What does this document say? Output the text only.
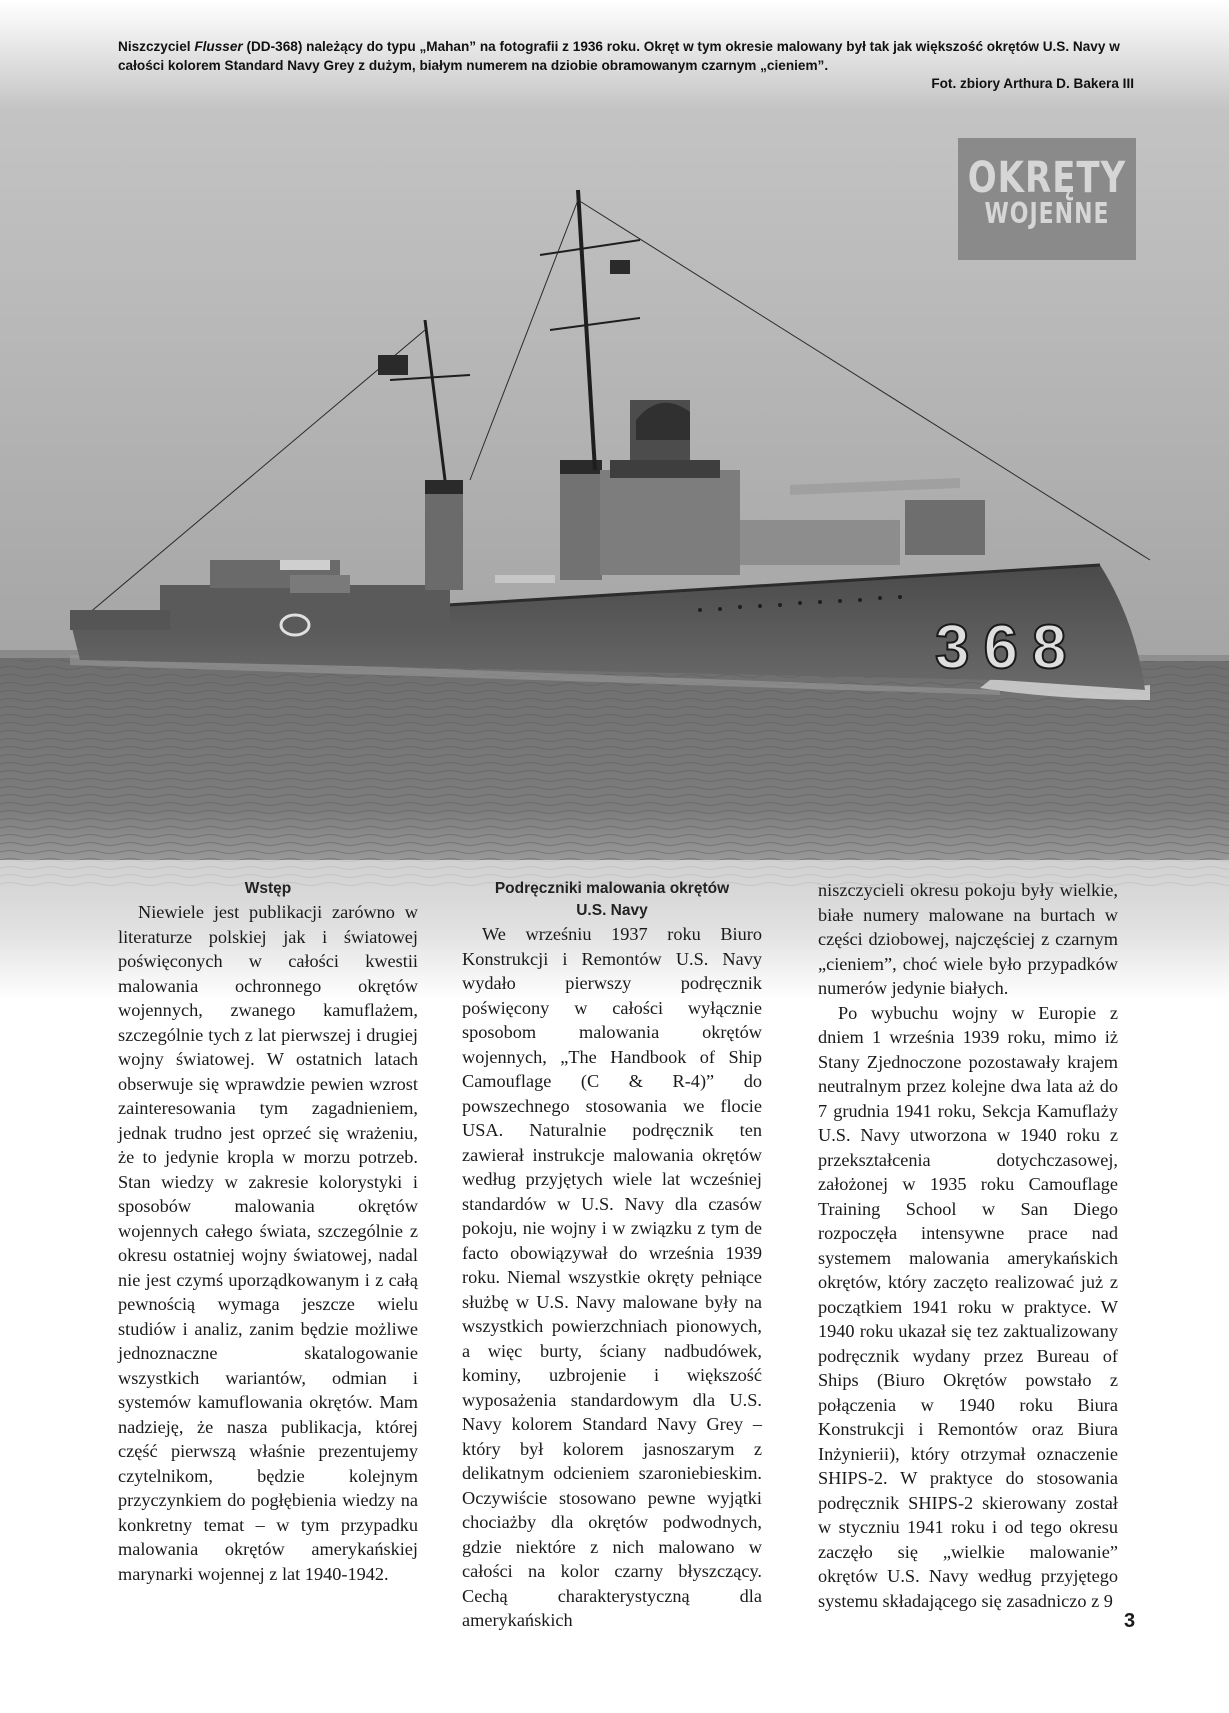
368
Niszczyciel Flusser (DD-368) należący do typu „Mahan” na fotografii z 1936 roku. Okręt w tym okresie malowany był tak jak większość okrętów U.S. Navy w całości kolorem Standard Navy Grey z dużym, białym numerem na dziobie obramowanym czarnym „cieniem”.
Fot. zbiory Arthura D. Bakera III
OKRĘTY
WOJENNE
Wstęp

Niewiele jest publikacji zarówno w literaturze polskiej jak i światowej poświęconych w całości kwestii malowania ochronnego okrętów wojennych, zwanego kamuflażem, szczególnie tych z lat pierwszej i drugiej wojny światowej. W ostatnich latach obserwuje się wprawdzie pewien wzrost zainteresowania tym zagadnieniem, jednak trudno jest oprzeć się wrażeniu, że to jedynie kropla w morzu potrzeb. Stan wiedzy w zakresie kolorystyki i sposobów malowania okrętów wojennych całego świata, szczególnie z okresu ostatniej wojny światowej, nadal nie jest czymś uporządkowanym i z całą pewnością wymaga jeszcze wielu studiów i analiz, zanim będzie możliwe jednoznaczne skatalogowanie wszystkich wariantów, odmian i systemów kamuflowania okrętów. Mam nadzieję, że nasza publikacja, której część pierwszą właśnie prezentujemy czytelnikom, będzie kolejnym przyczynkiem do pogłębienia wiedzy na konkretny temat – w tym przypadku malowania okrętów amerykańskiej marynarki wojennej z lat 1940-1942.

Podręczniki malowania okrętów
U.S. Navy

We wrześniu 1937 roku Biuro Konstrukcji i Remontów U.S. Navy wydało pierwszy podręcznik poświęcony w całości wyłącznie sposobom malowania okrętów wojennych, „The Handbook of Ship Camouflage (C & R-4)” do powszechnego stosowania we flocie USA. Naturalnie podręcznik ten zawierał instrukcje malowania okrętów według przyjętych wiele lat wcześniej standardów w U.S. Navy dla czasów pokoju, nie wojny i w związku z tym de facto obowiązywał do września 1939 roku. Niemal wszystkie okręty pełniące służbę w U.S. Navy malowane były na wszystkich powierzchniach pionowych, a więc burty, ściany nadbudówek, kominy, uzbrojenie i większość wyposażenia standardowym dla U.S. Navy kolorem Standard Navy Grey – który był kolorem jasnoszarym z delikatnym odcieniem szaroniebieskim. Oczywiście stosowano pewne wyjątki chociażby dla okrętów podwodnych, gdzie niektóre z nich malowano w całości na kolor czarny błyszczący. Cechą charakterystyczną dla amerykańskich

niszczycieli okresu pokoju były wielkie, białe numery malowane na burtach w części dziobowej, najczęściej z czarnym „cieniem”, choć wiele było przypadków numerów jedynie białych.

Po wybuchu wojny w Europie z dniem 1 września 1939 roku, mimo iż Stany Zjednoczone pozostawały krajem neutralnym przez kolejne dwa lata aż do 7 grudnia 1941 roku, Sekcja Kamuflaży U.S. Navy utworzona w 1940 roku z przekształcenia dotychczasowej, założonej w 1935 roku Camouflage Training School w San Diego rozpoczęła intensywne prace nad systemem malowania amerykańskich okrętów, który zaczęto realizować już z początkiem 1941 roku w praktyce. W 1940 roku ukazał się tez zaktualizowany podręcznik wydany przez Bureau of Ships (Biuro Okrętów powstało z połączenia w 1940 roku Biura Konstrukcji i Remontów oraz Biura Inżynierii), który otrzymał oznaczenie SHIPS-2. W praktyce do stosowania podręcznik SHIPS-2 skierowany został w styczniu 1941 roku i od tego okresu zaczęło się „wielkie malowanie” okrętów U.S. Navy według przyjętego systemu składającego się zasadniczo z 9

3
